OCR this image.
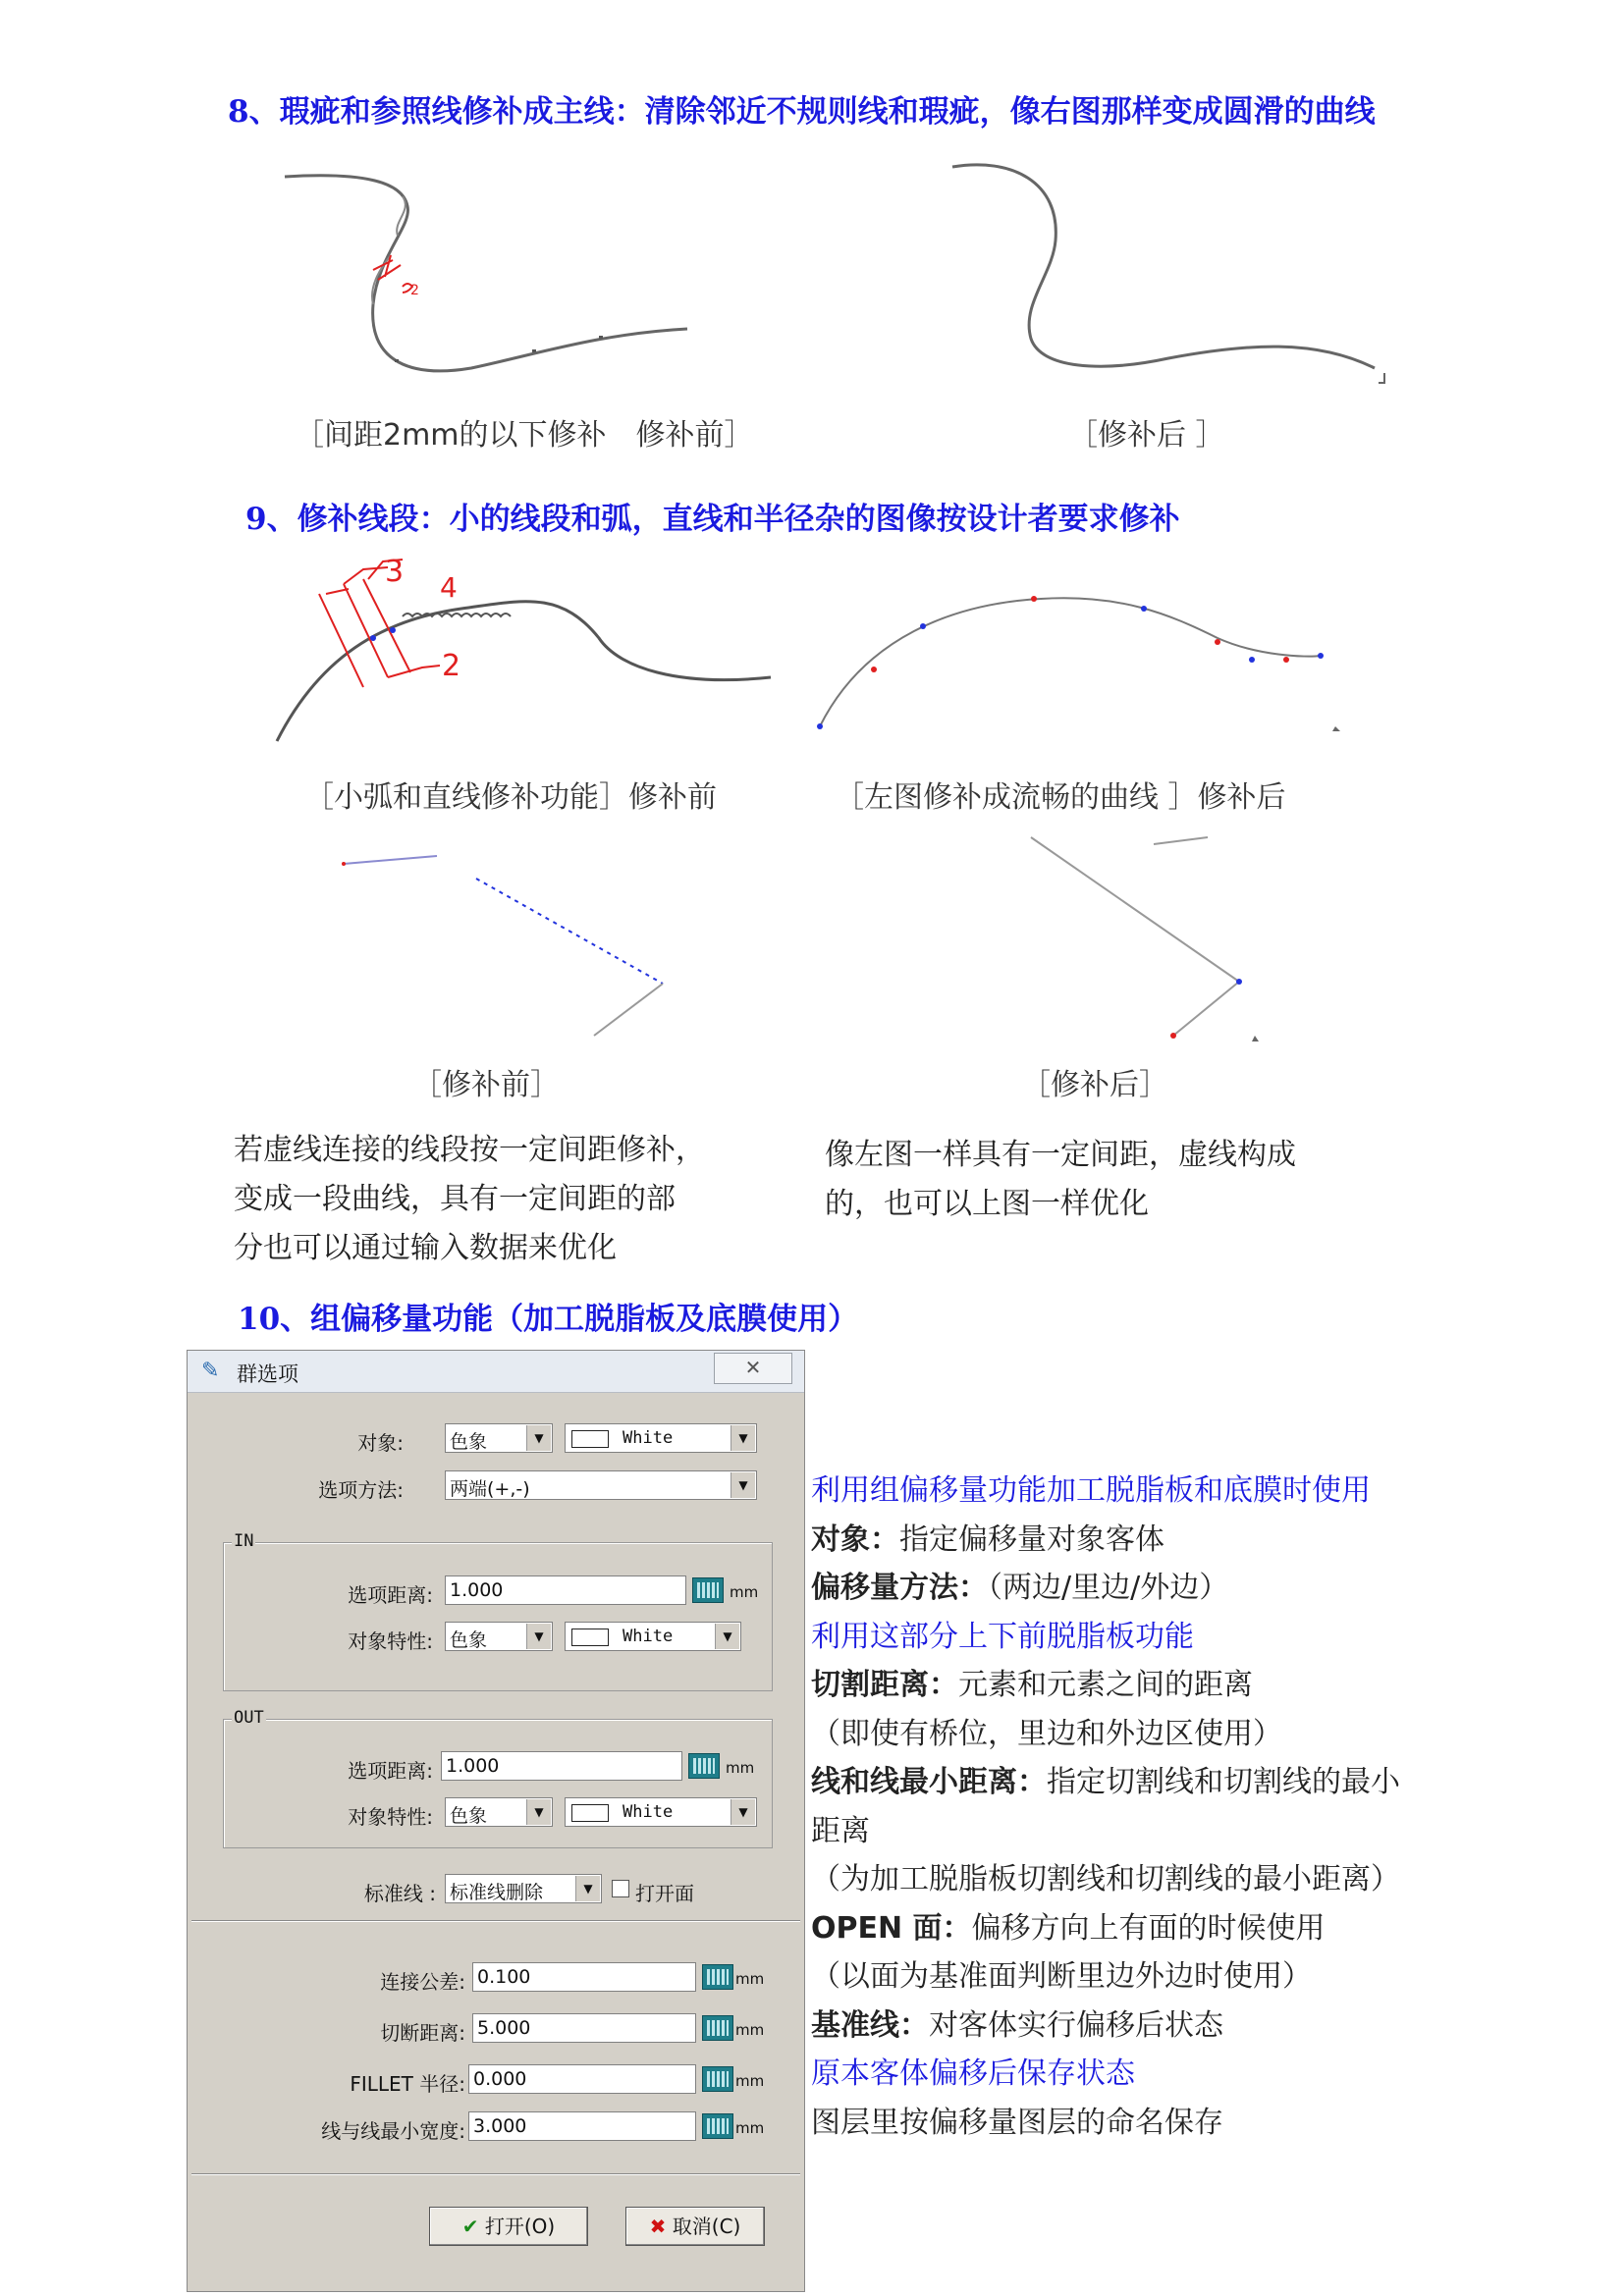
8、瑕疵和参照线修补成主线：清除邻近不规则线和瑕疵，像右图那样变成圆滑的曲线
2
［间距2mm的以下修补　修补前］	［修补后 ］
9、修补线段：小的线段和弧，直线和半径杂的图像按设计者要求修补
3 4
2
［小弧和直线修补功能］修补前	［左图修补成流畅的曲线 ］修补后
［修补前］	［修补后］
若虚线连接的线段按一定间距修补，
变成一段曲线，具有一定间距的部
分也可以通过输入数据来优化
像左图一样具有一定间距，虚线构成
的，也可以上图一样优化
10、组偏移量功能（加工脱脂板及底膜使用）
✎ 群选项	✕
对象: 色象	▼	White	▼
选项方法: 两端(+,-)	▼
IN
选项距离: 1.000	mm
对象特性: 色象	▼	White	▼
OUT
选项距离: 1.000	mm
对象特性: 色象	▼	White	▼
标准线 : 标准线删除	▼	打开面
连接公差: 0.100	mm
切断距离: 5.000	mm
FILLET 半径: 0.000	mm
线与线最小宽度: 3.000	mm
✔ 打开(O)	✖ 取消(C)
利用组偏移量功能加工脱脂板和底膜时使用
对象：指定偏移量对象客体
偏移量方法：（两边/里边/外边）
利用这部分上下前脱脂板功能
切割距离：元素和元素之间的距离
（即使有桥位，里边和外边区使用）
线和线最小距离：指定切割线和切割线的最小
距离
（为加工脱脂板切割线和切割线的最小距离）
OPEN 面：偏移方向上有面的时候使用
（以面为基准面判断里边外边时使用）
基准线：对客体实行偏移后状态
原本客体偏移后保存状态
图层里按偏移量图层的命名保存
